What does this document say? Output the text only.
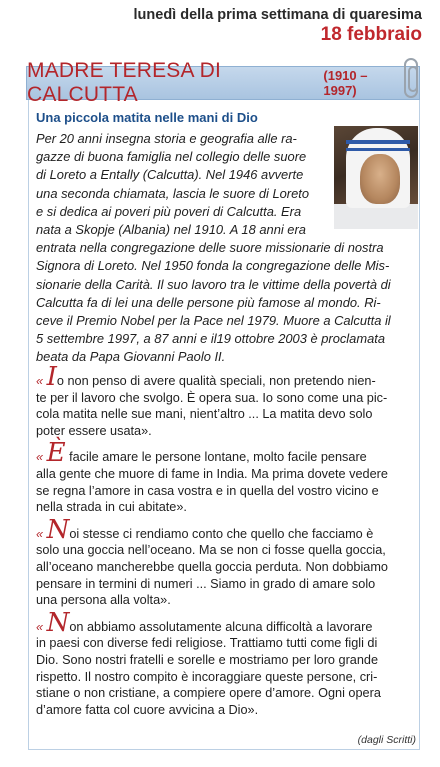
lunedì della prima settimana di quaresima
18 febbraio
MADRE TERESA DI CALCUTTA
(1910 – 1997)
Una piccola matita nelle mani di Dio
Per 20 anni insegna storia e geografia alle ra-
gazze di buona famiglia nel collegio delle suore
di Loreto a Entally (Calcutta). Nel 1946 avverte
una seconda chiamata, lascia le suore di Loreto
e si dedica ai poveri più poveri di Calcutta. Era
nata a Skopje (Albania) nel 1910. A 18 anni era
entrata nella congregazione delle suore missionarie di nostra
Signora di Loreto. Nel 1950 fonda la congregazione delle Mis-
sionarie della Carità. Il suo lavoro tra le vittime della povertà di
Calcutta fa di lei una delle persone più famose al mondo. Ri-
ceve il Premio Nobel per la Pace nel 1979. Muore a Calcutta il
5 settembre 1997, a 87 anni e il19 ottobre 2003 è proclamata
beata da Papa Giovanni Paolo II.
« Io non penso di avere qualità speciali, non pretendo nien-
te per il lavoro che svolgo. È opera sua. Io sono come una pic-
cola matita nelle sue mani, nient’altro ... La matita devo solo
poter essere usata».
« È facile amare le persone lontane, molto facile pensare
alla gente che muore di fame in India. Ma prima dovete vedere
se regna l’amore in casa vostra e in quella del vostro vicino e
nella strada in cui abitate».
« Noi stesse ci rendiamo conto che quello che facciamo è
solo una goccia nell’oceano. Ma se non ci fosse quella goccia,
all’oceano mancherebbe quella goccia perduta. Non dobbiamo
pensare in termini di numeri ... Siamo in grado di amare solo
una persona alla volta».
« Non abbiamo assolutamente alcuna difficoltà a lavorare
in paesi con diverse fedi religiose. Trattiamo tutti come figli di
Dio. Sono nostri fratelli e sorelle e mostriamo per loro grande
rispetto. Il nostro compito è incoraggiare queste persone, cri-
stiane o non cristiane, a compiere opere d’amore. Ogni opera
d’amore fatta col cuore avvicina a Dio».
(dagli Scritti)
